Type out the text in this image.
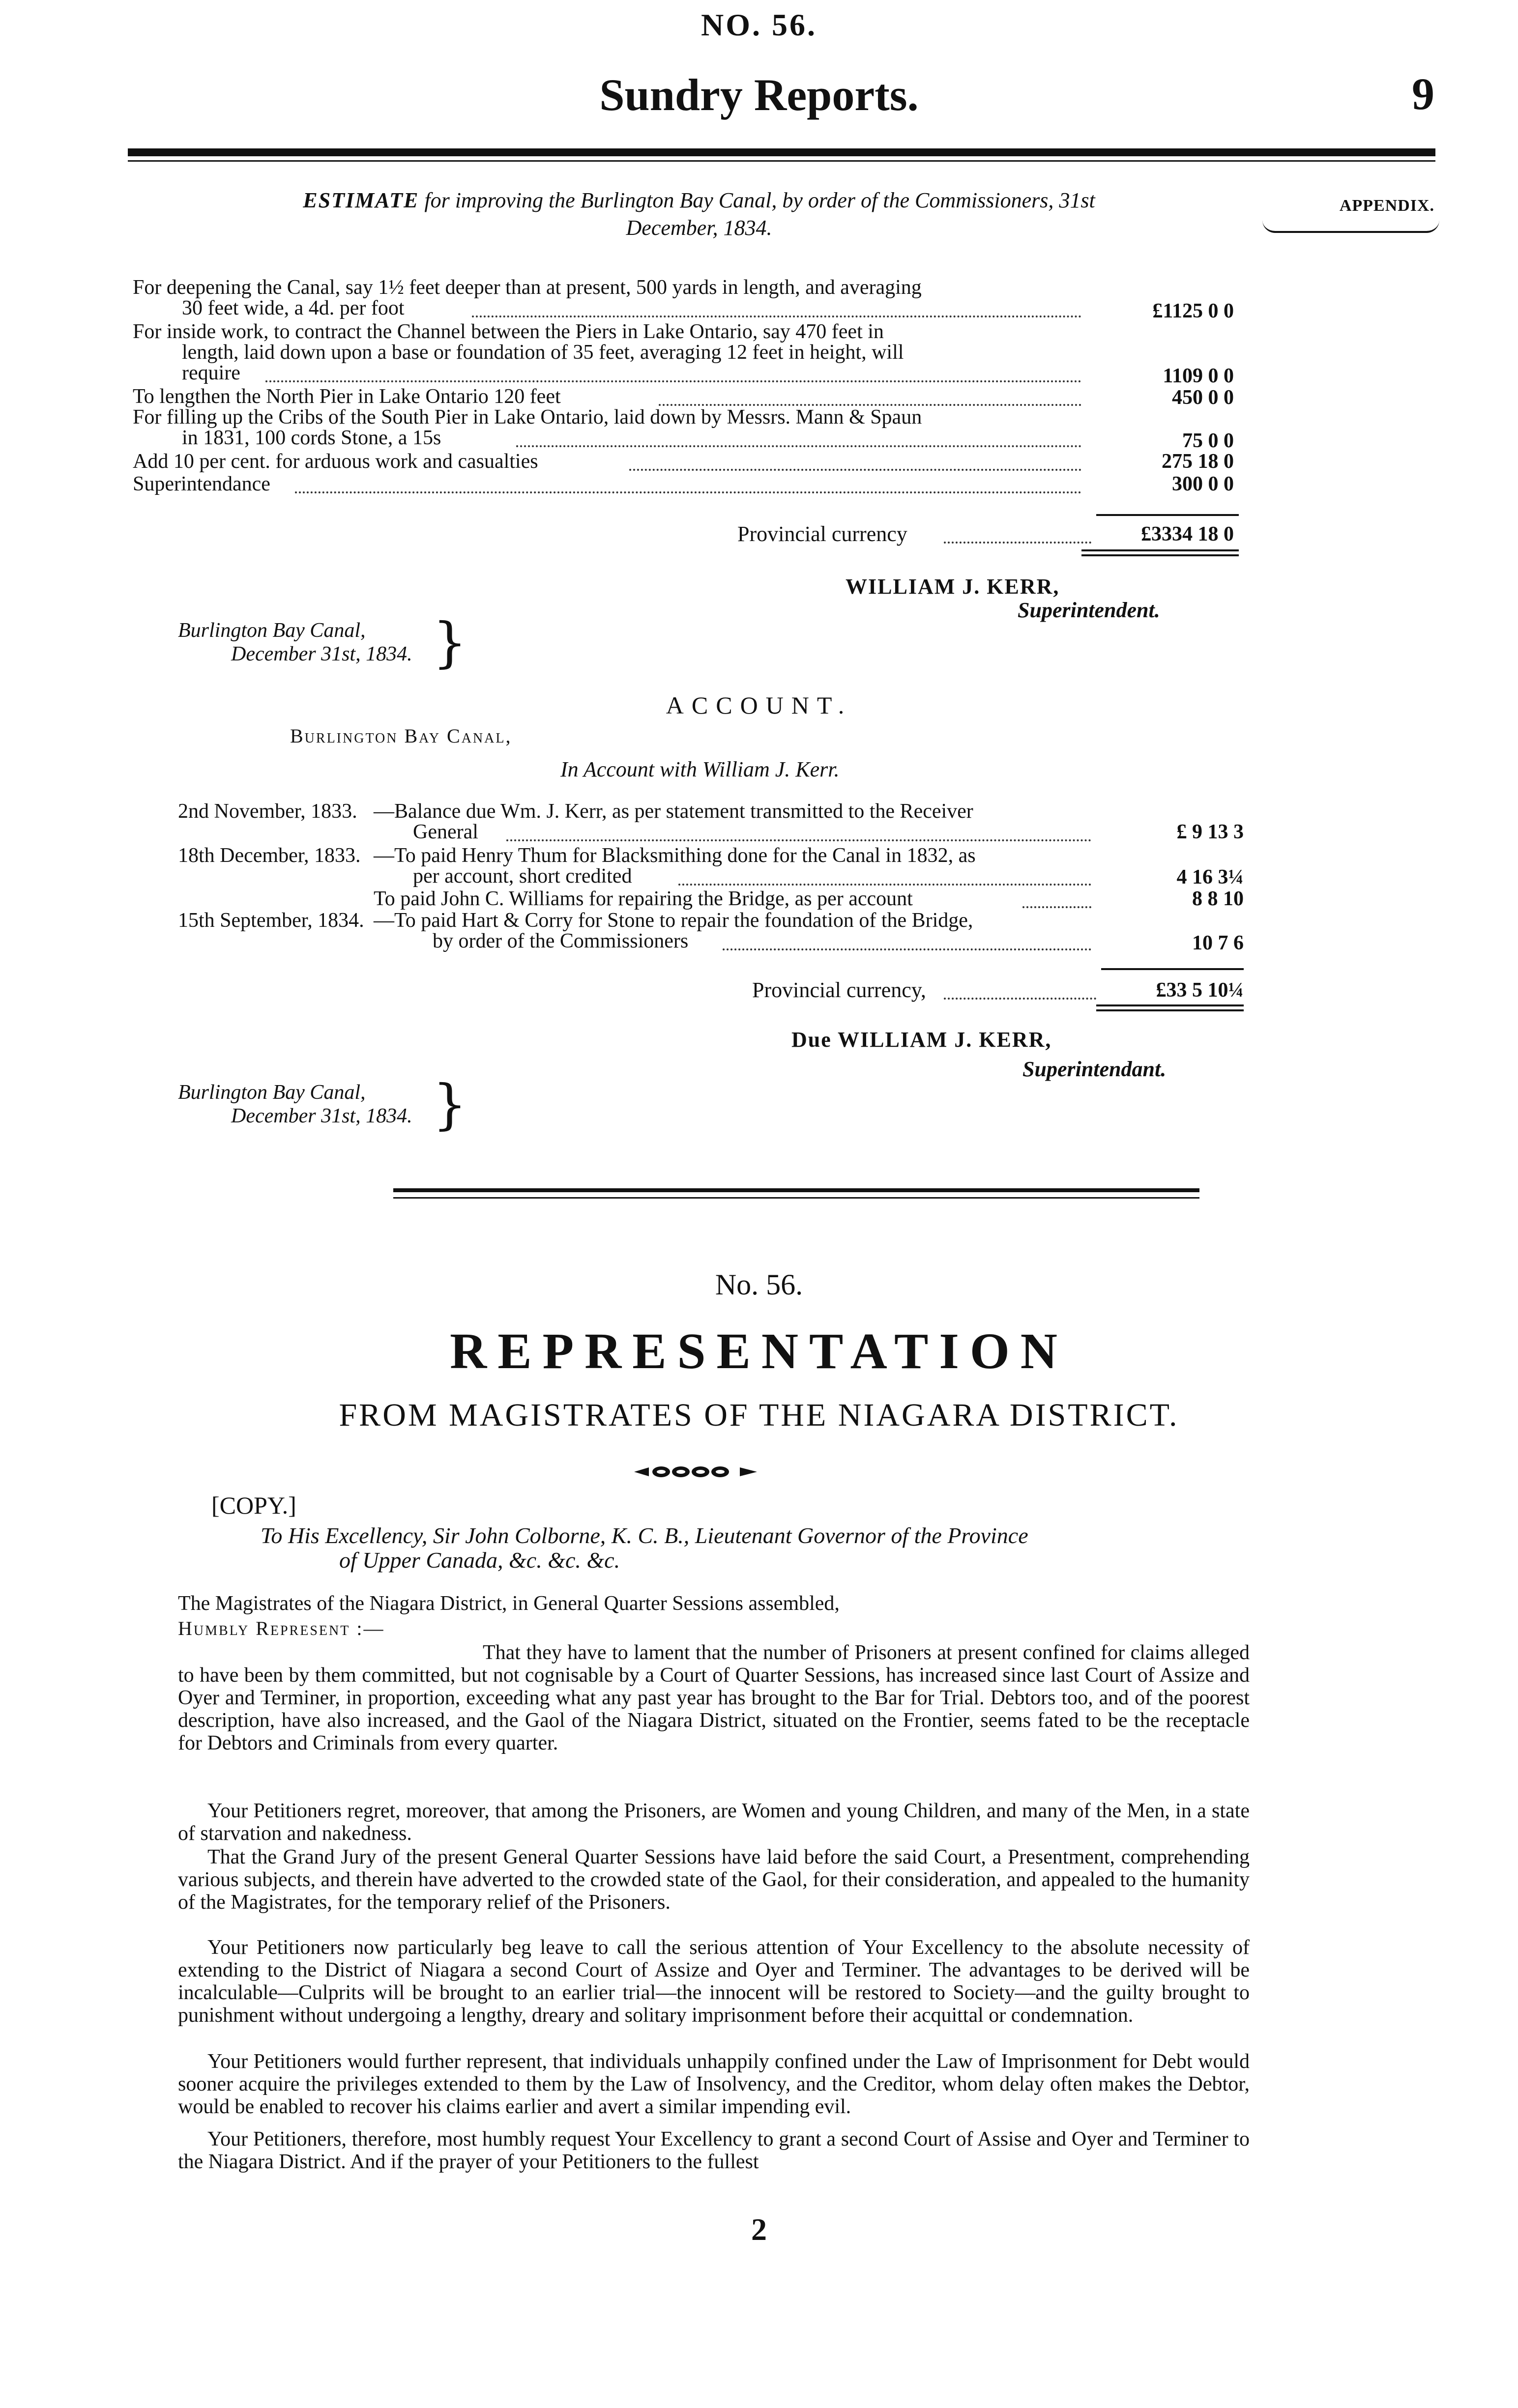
NO. 56.
Sundry Reports.	9
ESTIMATE for improving the Burlington Bay Canal, by order of the Commissioners, 31st
December, 1834.
APPENDIX.
For deepening the Canal, say 1½ feet deeper than at present, 500 yards in length, and averaging
30 feet wide, a 4d. per foot	£1125 0 0
For inside work, to contract the Channel between the Piers in Lake Ontario, say 470 feet in
length, laid down upon a base or foundation of 35 feet, averaging 12 feet in height, will
require	1109 0 0
To lengthen the North Pier in Lake Ontario 120 feet	450 0 0
For filling up the Cribs of the South Pier in Lake Ontario, laid down by Messrs. Mann & Spaun
in 1831, 100 cords Stone, a 15s	75 0 0
Add 10 per cent. for arduous work and casualties	275 18 0
Superintendance	300 0 0
Provincial currency	£3334 18 0
WILLIAM J. KERR,
Superintendent.
Burlington Bay Canal,
December 31st, 1834. }
ACCOUNT.
Burlington Bay Canal,
In Account with William J. Kerr.
2nd November, 1833. —Balance due Wm. J. Kerr, as per statement transmitted to the Receiver
General	£ 9 13 3
18th December, 1833. —To paid Henry Thum for Blacksmithing done for the Canal in 1832, as
per account, short credited	4 16 3¼
To paid John C. Williams for repairing the Bridge, as per account	8 8 10
15th September, 1834. —To paid Hart & Corry for Stone to repair the foundation of the Bridge,
by order of the Commissioners	10 7 6
Provincial currency,	£33 5 10¼
Due WILLIAM J. KERR,
Superintendant.
Burlington Bay Canal,
December 31st, 1834. }
No. 56.
REPRESENTATION
FROM MAGISTRATES OF THE NIAGARA DISTRICT.
[COPY.]
To His Excellency, Sir John Colborne, K. C. B., Lieutenant Governor of the Province
of Upper Canada, &c. &c. &c.
The Magistrates of the Niagara District, in General Quarter Sessions assembled,
Humbly Represent :—
That they have to lament that the number of Prisoners at present confined for claims alleged to have been by them committed, but not cognisable by a Court of Quarter Sessions, has increased since last Court of Assize and Oyer and Terminer, in proportion, exceeding what any past year has brought to the Bar for Trial. Debtors too, and of the poorest description, have also increased, and the Gaol of the Niagara District, situated on the Frontier, seems fated to be the receptacle for Debtors and Criminals from every quarter.
Your Petitioners regret, moreover, that among the Prisoners, are Women and young Children, and many of the Men, in a state of starvation and nakedness.
That the Grand Jury of the present General Quarter Sessions have laid before the said Court, a Presentment, comprehending various subjects, and therein have adverted to the crowded state of the Gaol, for their consideration, and appealed to the humanity of the Magistrates, for the temporary relief of the Prisoners.
Your Petitioners now particularly beg leave to call the serious attention of Your Excellency to the absolute necessity of extending to the District of Niagara a second Court of Assize and Oyer and Terminer. The advantages to be derived will be incalculable—Culprits will be brought to an earlier trial—the innocent will be restored to Society—and the guilty brought to punishment without undergoing a lengthy, dreary and solitary imprisonment before their acquittal or condemnation.
Your Petitioners would further represent, that individuals unhappily confined under the Law of Imprisonment for Debt would sooner acquire the privileges extended to them by the Law of Insolvency, and the Creditor, whom delay often makes the Debtor, would be enabled to recover his claims earlier and avert a similar impending evil.
Your Petitioners, therefore, most humbly request Your Excellency to grant a second Court of Assise and Oyer and Terminer to the Niagara District. And if the prayer of your Petitioners to the fullest
2
